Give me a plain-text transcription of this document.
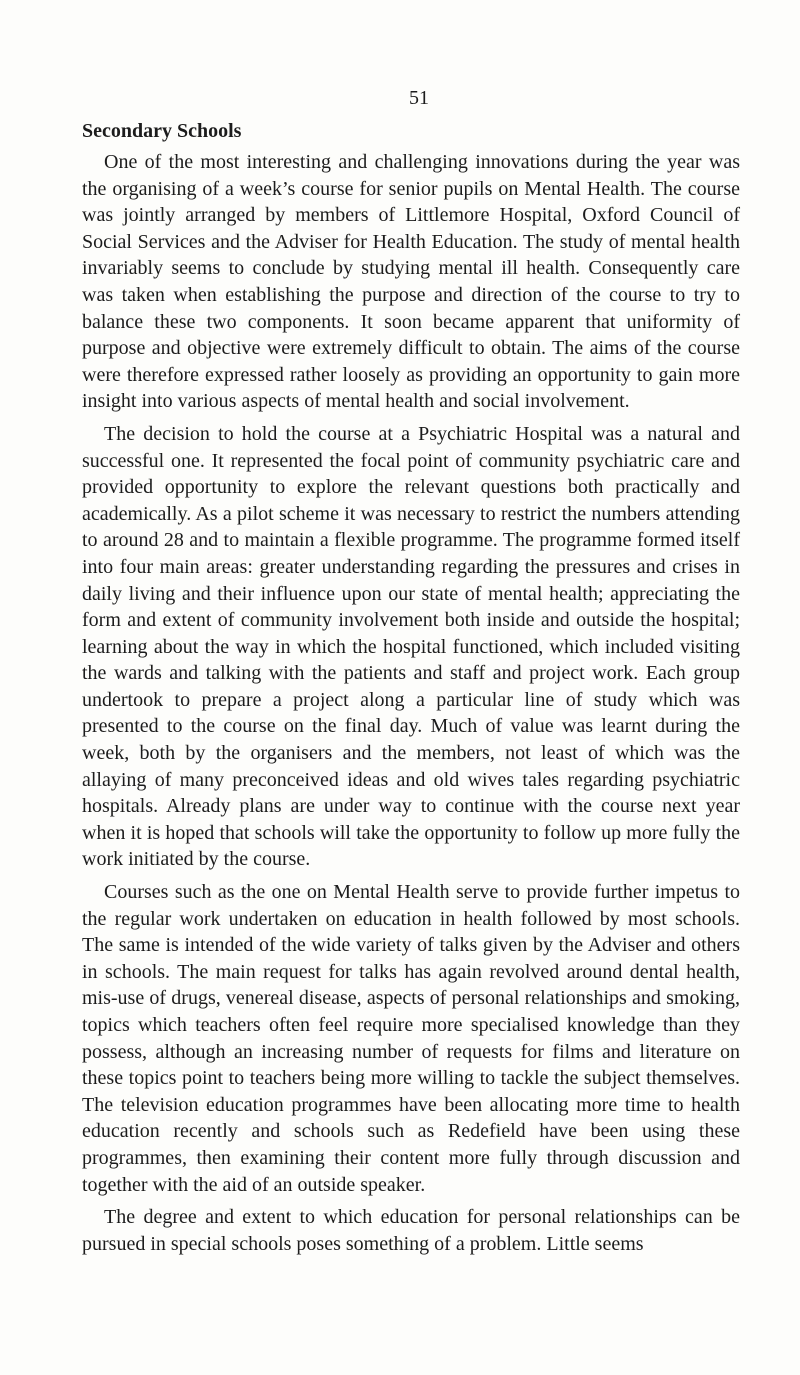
51
Secondary Schools

One of the most interesting and challenging innovations during the year was the organising of a week’s course for senior pupils on Mental Health. The course was jointly arranged by members of Littlemore Hospital, Oxford Council of Social Services and the Adviser for Health Education. The study of mental health invariably seems to conclude by studying mental ill health. Consequently care was taken when establishing the purpose and direction of the course to try to balance these two components. It soon became apparent that uniformity of purpose and objective were extremely difficult to obtain. The aims of the course were therefore expressed rather loosely as providing an opportunity to gain more insight into various aspects of mental health and social involvement.

The decision to hold the course at a Psychiatric Hospital was a natural and successful one. It represented the focal point of community psychiatric care and provided opportunity to explore the relevant questions both practically and academically. As a pilot scheme it was necessary to restrict the numbers attending to around 28 and to maintain a flexible programme. The programme formed itself into four main areas: greater understanding regarding the pressures and crises in daily living and their influence upon our state of mental health; appreciating the form and extent of community involvement both inside and outside the hospital; learning about the way in which the hospital functioned, which included visiting the wards and talking with the patients and staff and project work. Each group undertook to prepare a project along a particular line of study which was presented to the course on the final day. Much of value was learnt during the week, both by the organisers and the members, not least of which was the allaying of many preconceived ideas and old wives tales regarding psychiatric hospitals. Already plans are under way to continue with the course next year when it is hoped that schools will take the opportunity to follow up more fully the work initiated by the course.

Courses such as the one on Mental Health serve to provide further impetus to the regular work undertaken on education in health followed by most schools. The same is intended of the wide variety of talks given by the Adviser and others in schools. The main request for talks has again revolved around dental health, mis-use of drugs, venereal disease, aspects of personal relationships and smoking, topics which teachers often feel require more specialised knowledge than they possess, although an increasing number of requests for films and literature on these topics point to teachers being more willing to tackle the subject themselves. The television education programmes have been allocating more time to health education recently and schools such as Redefield have been using these programmes, then examining their content more fully through discussion and together with the aid of an outside speaker.

The degree and extent to which education for personal relationships can be pursued in special schools poses something of a problem. Little seems
